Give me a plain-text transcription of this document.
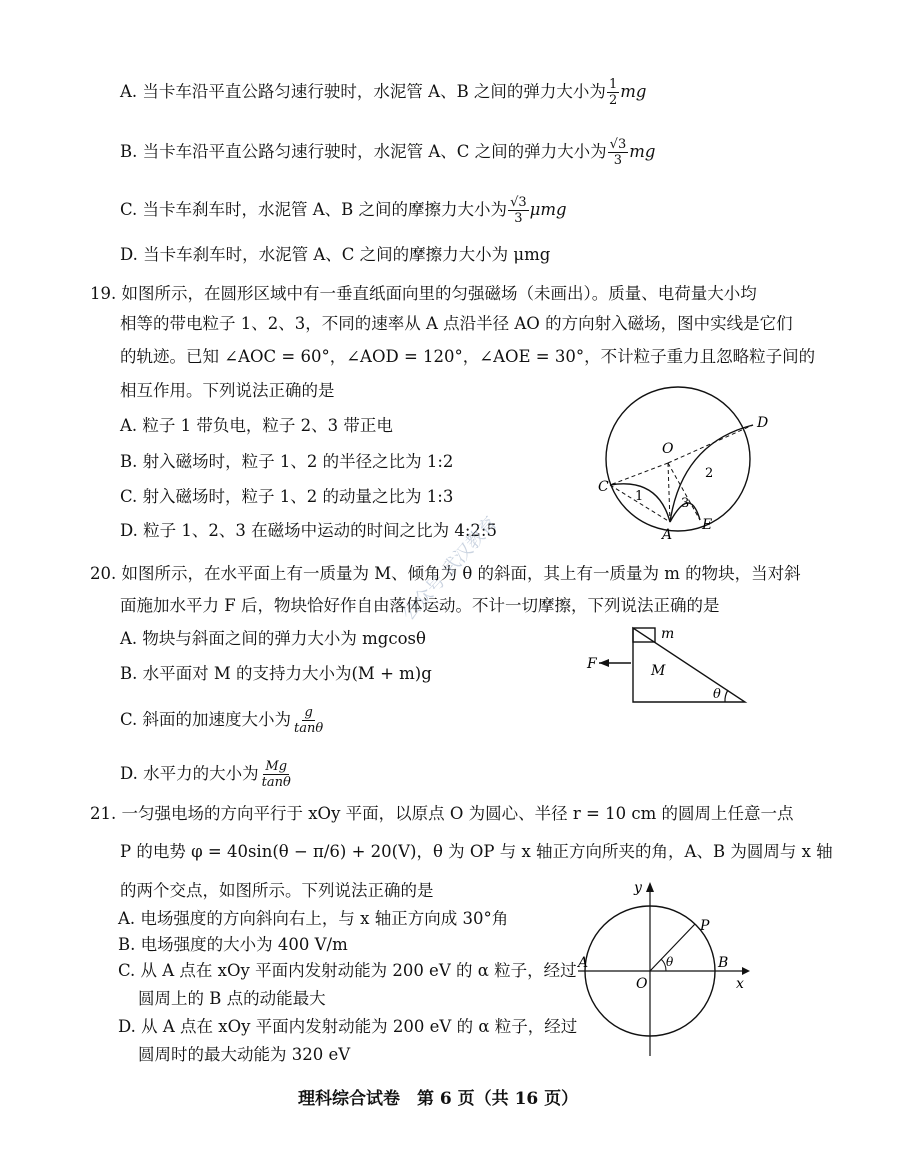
A. 当卡车沿平直公路匀速行驶时，水泥管 A、B 之间的弹力大小为 $\frac{1}{2}$ mg
B. 当卡车沿平直公路匀速行驶时，水泥管 A、C 之间的弹力大小为 $\frac{√3}{3}$ mg
C. 当卡车刹车时，水泥管 A、B 之间的摩擦力大小为 $\frac{√3}{3}$ μmg
D. 当卡车刹车时，水泥管 A、C 之间的摩擦力大小为 μmg
19. 如图所示，在圆形区域中有一垂直纸面向里的匀强磁场（未画出）。质量、电荷量大小均
相等的带电粒子 1、2、3，不同的速率从 A 点沿半径 AO 的方向射入磁场，图中实线是它们
的轨迹。已知 ∠AOC = 60°，∠AOD = 120°，∠AOE = 30°，不计粒子重力且忽略粒子间的
相互作用。下列说法正确的是
A. 粒子 1 带负电，粒子 2、3 带正电
B. 射入磁场时，粒子 1、2 的半径之比为 1:2
C. 射入磁场时，粒子 1、2 的动量之比为 1:3
D. 粒子 1、2、3 在磁场中运动的时间之比为 4:2:5
O
D
C
A
E
1
2
3
20. 如图所示，在水平面上有一质量为 M、倾角为 θ 的斜面，其上有一质量为 m 的物块，当对斜
面施加水平力 F 后，物块恰好作自由落体运动。不计一切摩擦，下列说法正确的是
A. 物块与斜面之间的弹力大小为 mgcosθ
B. 水平面对 M 的支持力大小为(M + m)g
C. 斜面的加速度大小为 $\frac{g}{\tan\theta}$
D. 水平力的大小为 $\frac{Mg}{\tan\theta}$
m
F	M
θ
21. 一匀强电场的方向平行于 xOy 平面，以原点 O 为圆心、半径 r = 10 cm 的圆周上任意一点
P 的电势 φ = 40sin(θ − π/6) + 20(V)，θ 为 OP 与 x 轴正方向所夹的角，A、B 为圆周与 x 轴
的两个交点，如图所示。下列说法正确的是
A. 电场强度的方向斜向右上，与 x 轴正方向成 30°角
B. 电场强度的大小为 400 V/m
C. 从 A 点在 xOy 平面内发射动能为 200 eV 的 α 粒子，经过
圆周上的 B 点的动能最大
D. 从 A 点在 xOy 平面内发射动能为 200 eV 的 α 粒子，经过
圆周时的最大动能为 320 eV
y
x
P
A	B
O
θ
公众号 武汉教育
理科综合试卷　第 6 页（共 16 页）
